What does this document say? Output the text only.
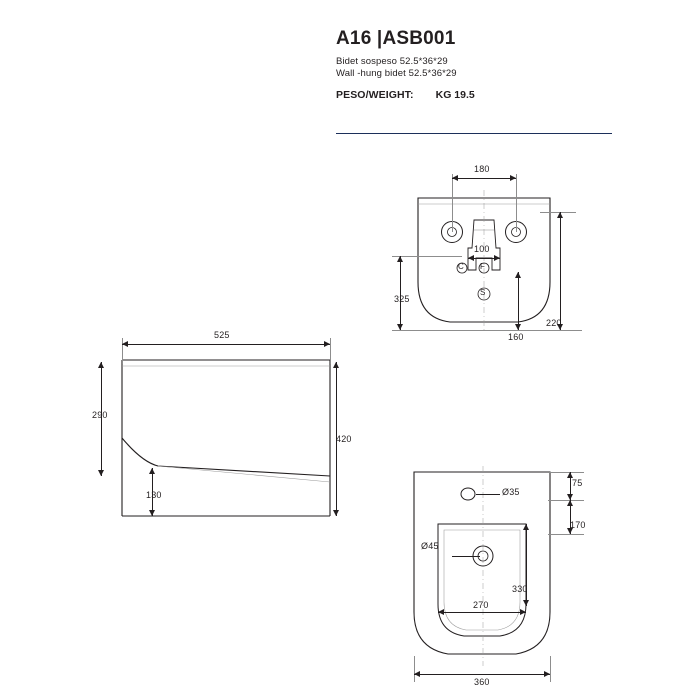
A16 |ASB001
Bidet sospeso 52.5*36*29
Wall -hung bidet 52.5*36*29
PESO/WEIGHT: KG 19.5
C F
S
180
100
325
160
220
525
290
420
130	Ø35
Ø45
75
170
330
270
360
